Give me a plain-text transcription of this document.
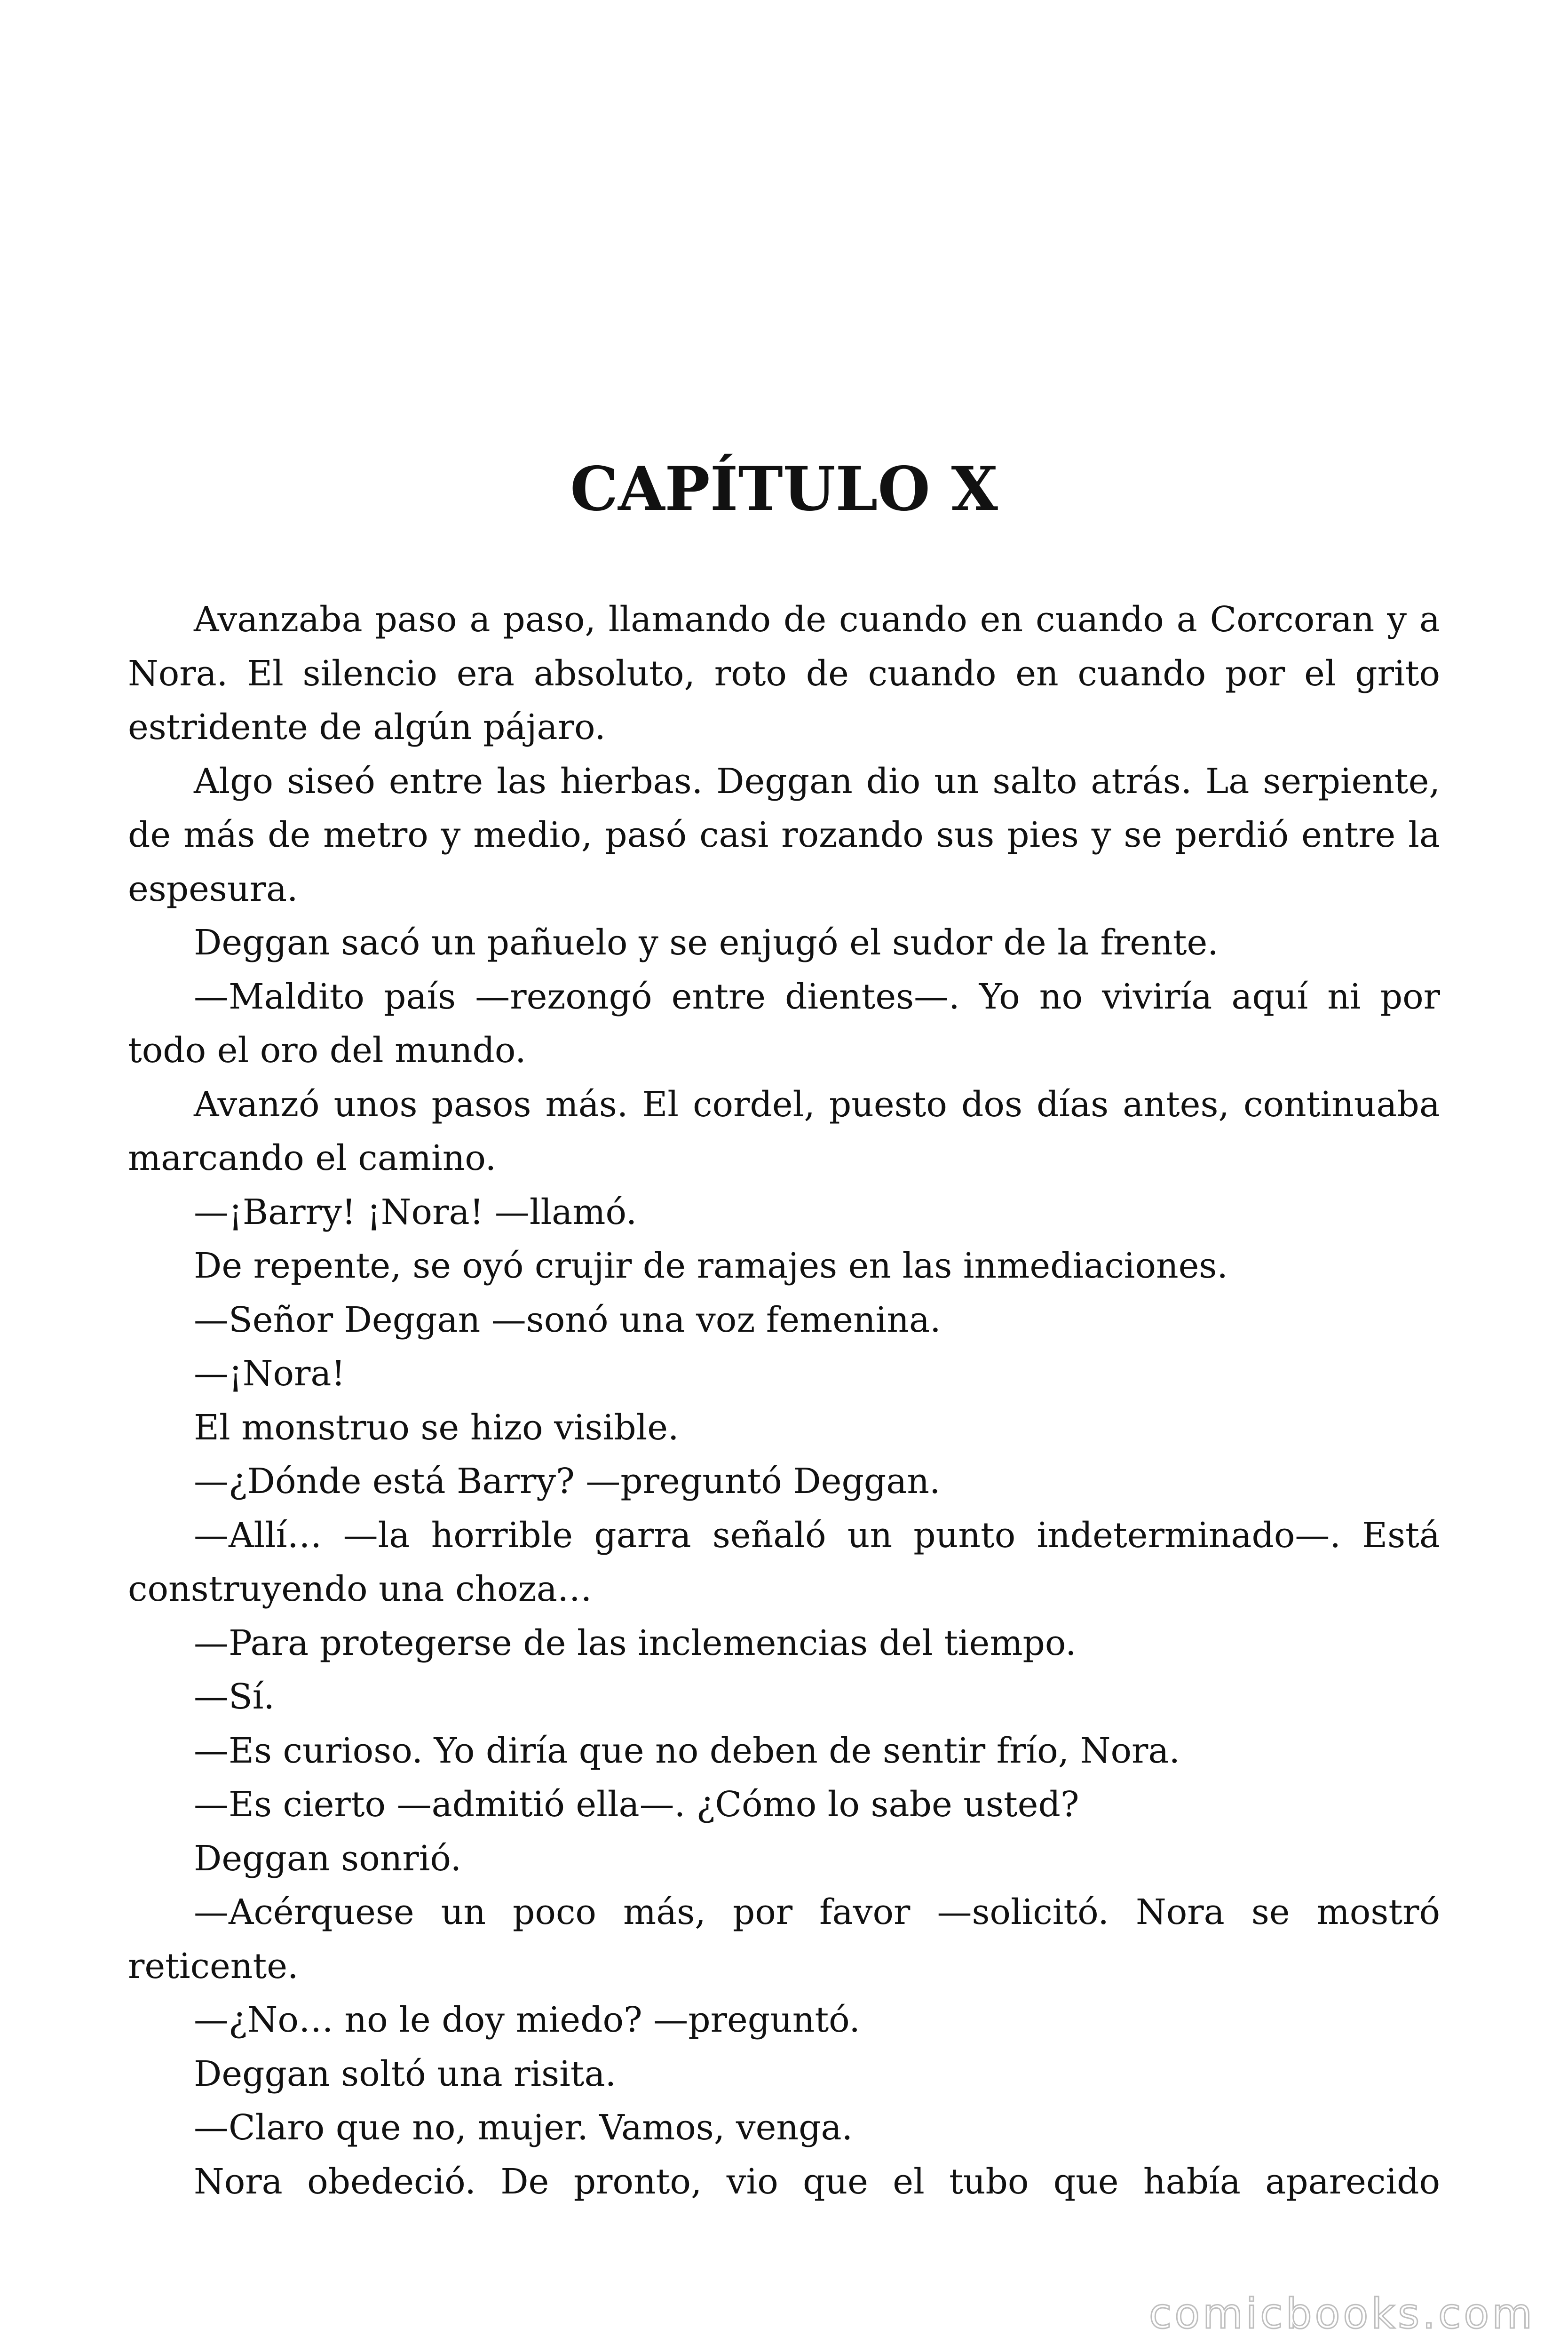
CAPÍTULO X

Avanzaba paso a paso, llamando de cuando en cuando a Corcoran y a Nora. El silencio era absoluto, roto de cuando en cuando por el grito estridente de algún pájaro.

Algo siseó entre las hierbas. Deggan dio un salto atrás. La serpiente, de más de metro y medio, pasó casi rozando sus pies y se perdió entre la espesura.

Deggan sacó un pañuelo y se enjugó el sudor de la frente.

—Maldito país —rezongó entre dientes—. Yo no viviría aquí ni por todo el oro del mundo.

Avanzó unos pasos más. El cordel, puesto dos días antes, continuaba marcando el camino.

—¡Barry! ¡Nora! —llamó.

De repente, se oyó crujir de ramajes en las inmediaciones.

—Señor Deggan —sonó una voz femenina.

—¡Nora!

El monstruo se hizo visible.

—¿Dónde está Barry? —preguntó Deggan.

—Allí… —la horrible garra señaló un punto indeterminado—. Está construyendo una choza…

—Para protegerse de las inclemencias del tiempo.

—Sí.

—Es curioso. Yo diría que no deben de sentir frío, Nora.

—Es cierto —admitió ella—. ¿Cómo lo sabe usted?

Deggan sonrió.

—Acérquese un poco más, por favor —solicitó. Nora se mostró reticente.

—¿No… no le doy miedo? —preguntó.

Deggan soltó una risita.

—Claro que no, mujer. Vamos, venga.

Nora obedeció. De pronto, vio que el tubo que había aparecido

comicbooks.com
